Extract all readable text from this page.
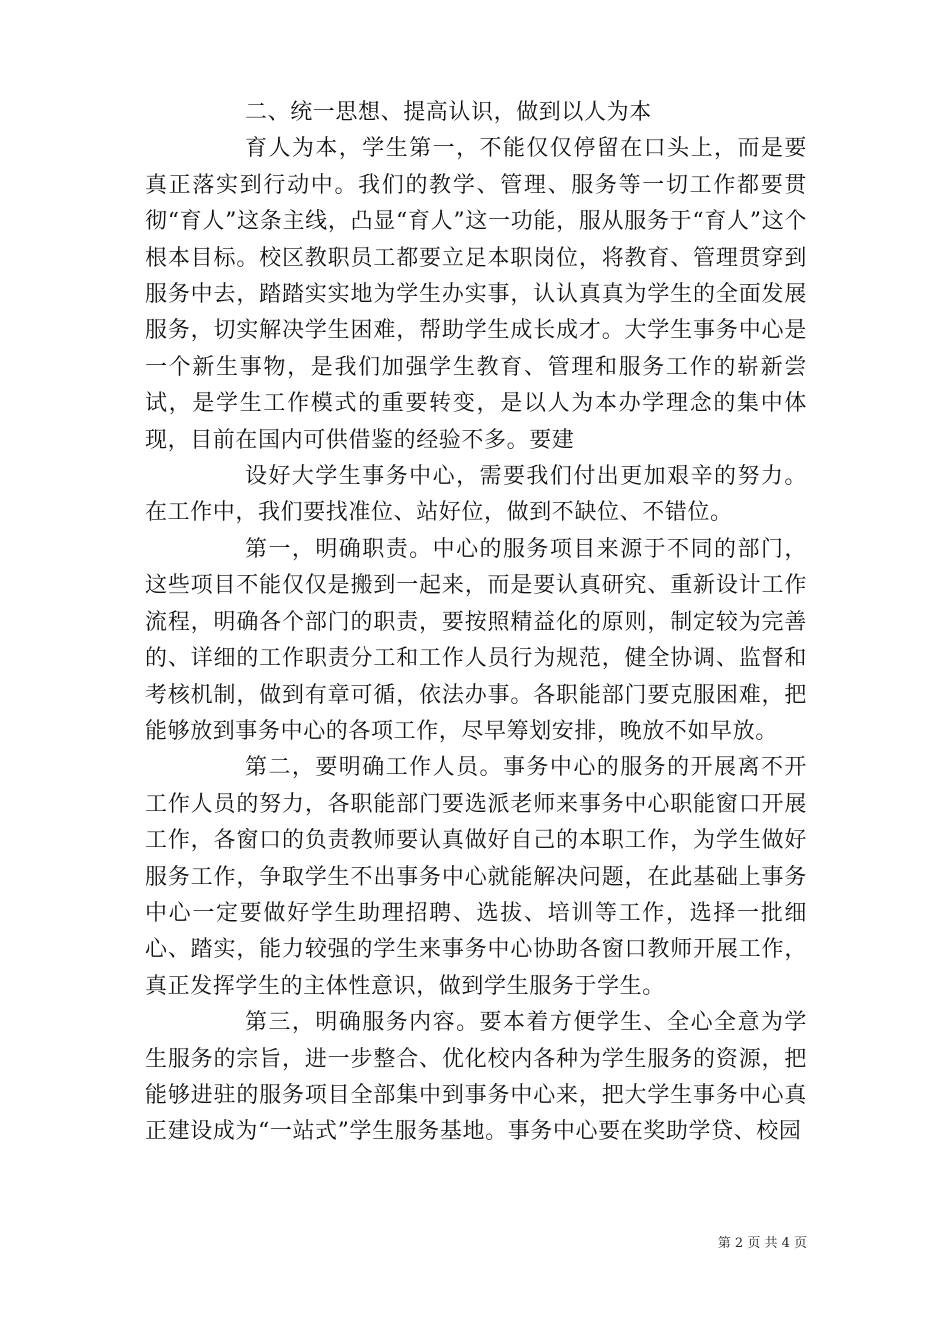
二、统一思想、提高认识，做到以人为本

育人为本，学生第一，不能仅仅停留在口头上，而是要真正落实到行动中。我们的教学、管理、服务等一切工作都要贯彻“育人”这条主线，凸显“育人”这一功能，服从服务于“育人”这个根本目标。校区教职员工都要立足本职岗位，将教育、管理贯穿到服务中去，踏踏实实地为学生办实事，认认真真为学生的全面发展服务，切实解决学生困难，帮助学生成长成才。大学生事务中心是一个新生事物，是我们加强学生教育、管理和服务工作的崭新尝试，是学生工作模式的重要转变，是以人为本办学理念的集中体现，目前在国内可供借鉴的经验不多。要建

设好大学生事务中心，需要我们付出更加艰辛的努力。在工作中，我们要找准位、站好位，做到不缺位、不错位。

第一，明确职责。中心的服务项目来源于不同的部门，这些项目不能仅仅是搬到一起来，而是要认真研究、重新设计工作流程，明确各个部门的职责，要按照精益化的原则，制定较为完善的、详细的工作职责分工和工作人员行为规范，健全协调、监督和考核机制，做到有章可循，依法办事。各职能部门要克服困难，把能够放到事务中心的各项工作，尽早筹划安排，晚放不如早放。

第二，要明确工作人员。事务中心的服务的开展离不开工作人员的努力，各职能部门要选派老师来事务中心职能窗口开展工作，各窗口的负责教师要认真做好自己的本职工作，为学生做好服务工作，争取学生不出事务中心就能解决问题，在此基础上事务中心一定要做好学生助理招聘、选拔、培训等工作，选择一批细心、踏实，能力较强的学生来事务中心协助各窗口教师开展工作，真正发挥学生的主体性意识，做到学生服务于学生。

第三，明确服务内容。要本着方便学生、全心全意为学生服务的宗旨，进一步整合、优化校内各种为学生服务的资源，把能够进驻的服务项目全部集中到事务中心来，把大学生事务中心真正建设成为“一站式”学生服务基地。事务中心要在奖助学贷、校园

第 2 页 共 4 页
